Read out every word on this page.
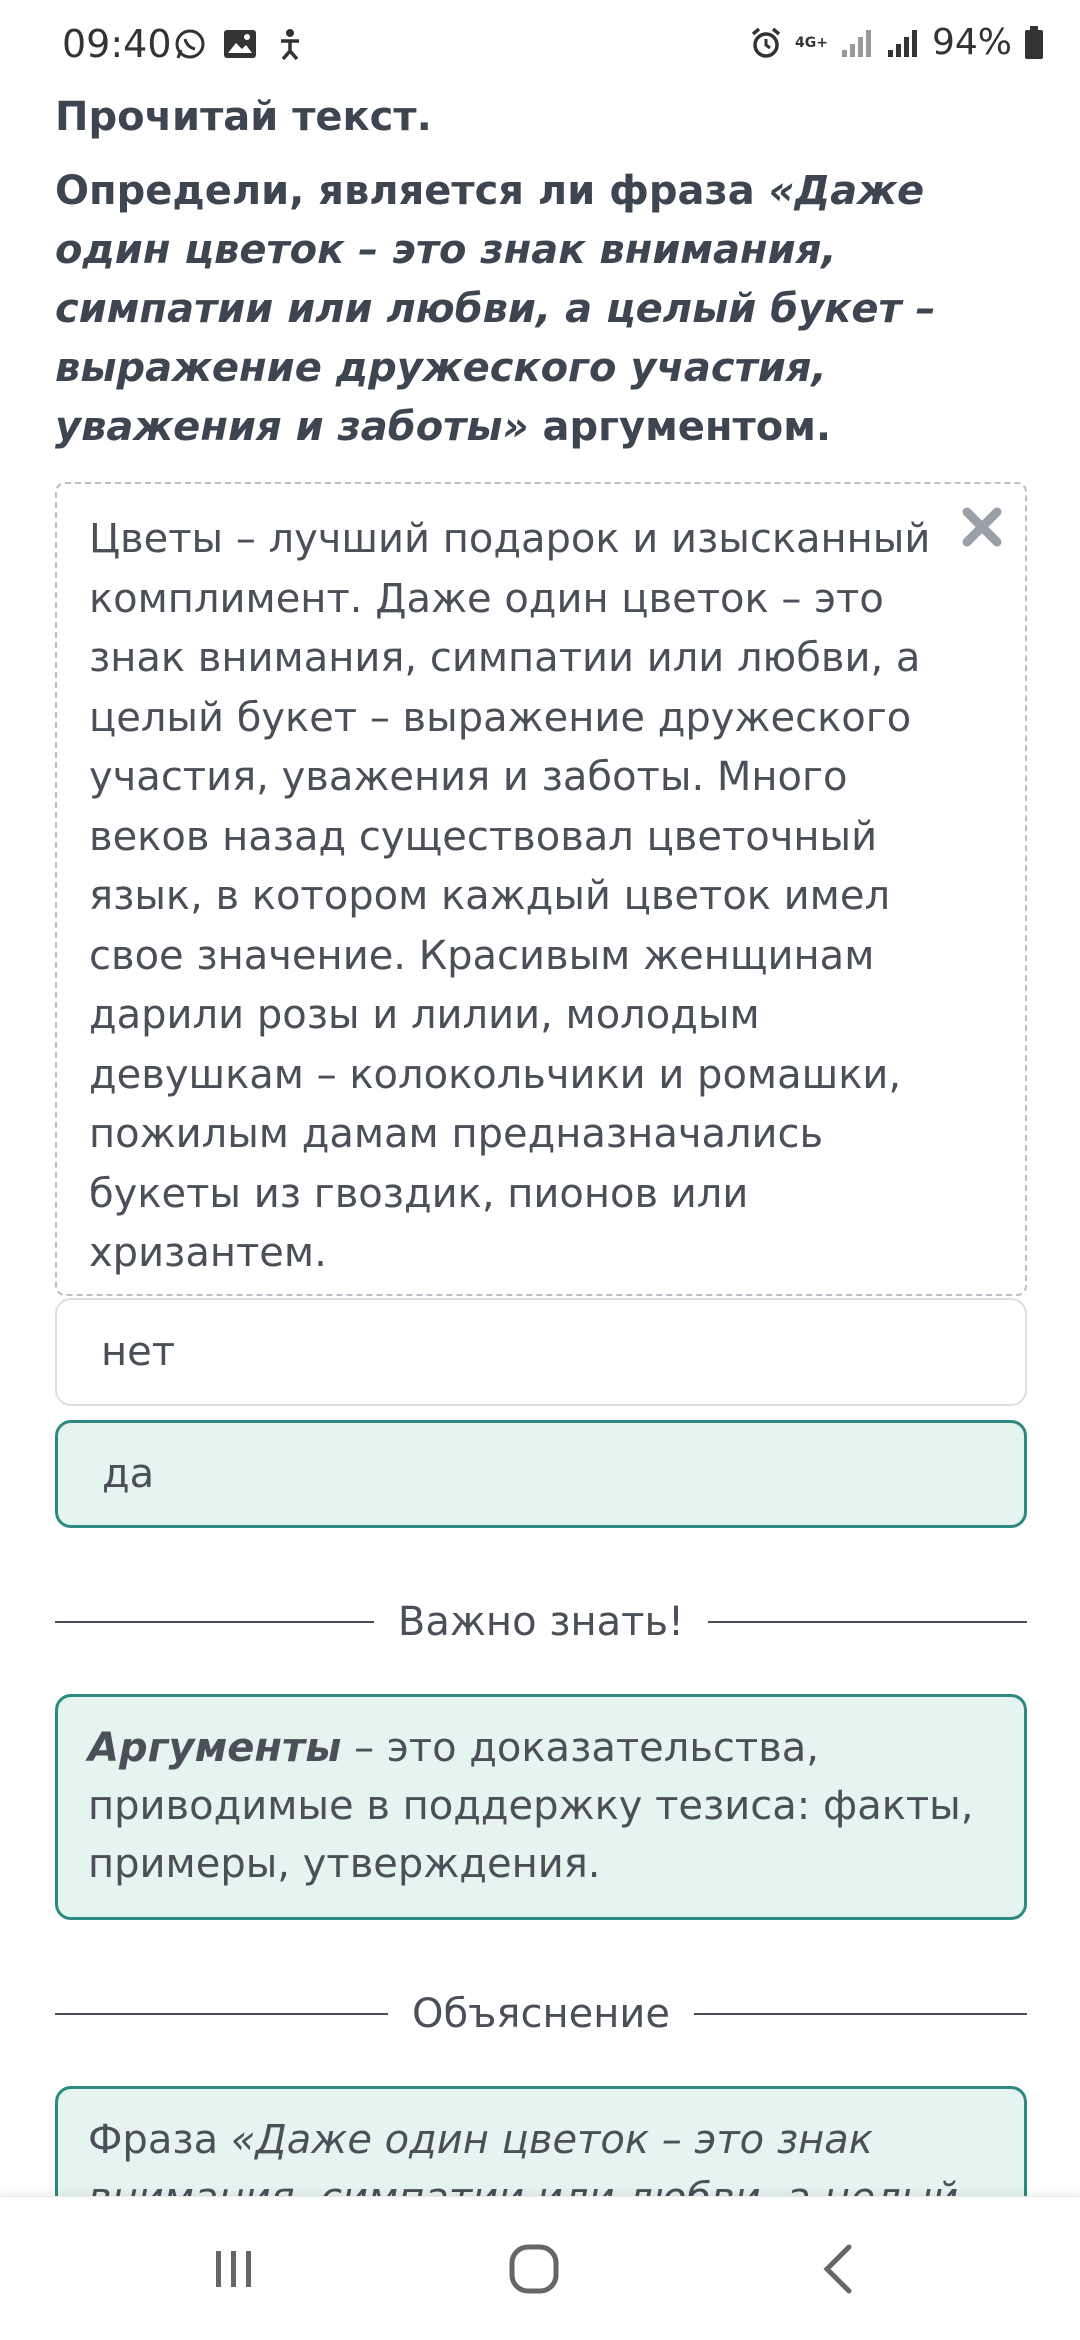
09:40	4G+	94%
Прочитай текст.
Определи, является ли фраза «Даже один цветок – это знак внимания, симпатии или любви, а целый букет – выражение дружеского участия, уважения и заботы» аргументом.
Цветы – лучший подарок и изысканный комплимент. Даже один цветок – это знак внимания, симпатии или любви, а целый букет – выражение дружеского участия, уважения и заботы. Много веков назад существовал цветочный язык, в котором каждый цветок имел свое значение. Красивым женщинам дарили розы и лилии, молодым девушкам – колокольчики и ромашки, пожилым дамам предназначались букеты из гвоздик, пионов или хризантем.
нет
да
Важно знать!
Аргументы – это доказательства, приводимые в поддержку тезиса: факты, примеры, утверждения.
Объяснение
Фраза «Даже один цветок – это знак
